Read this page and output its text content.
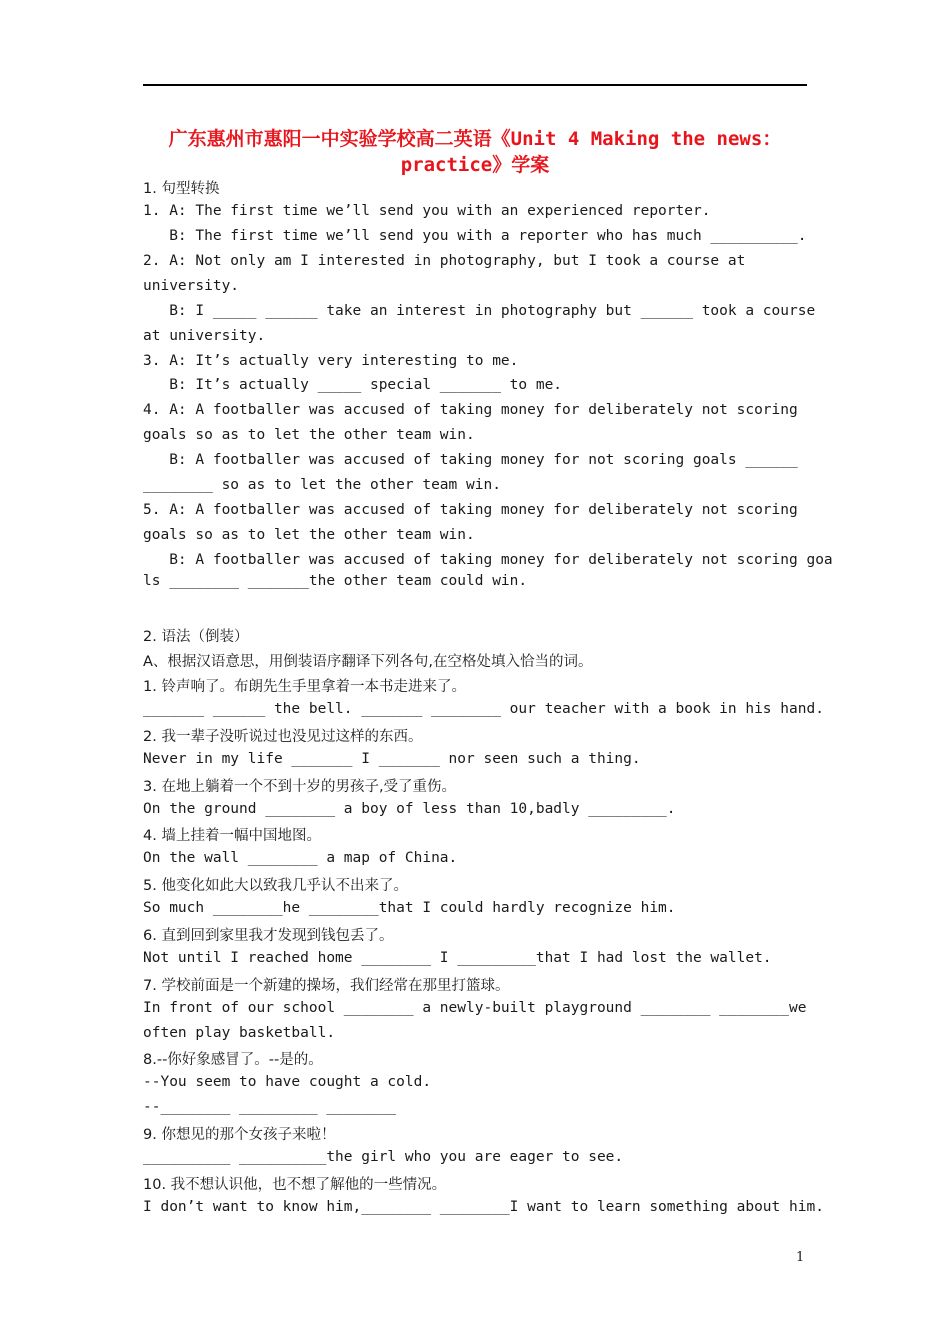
广东惠州市惠阳一中实验学校高二英语《Unit 4 Making the news：
practice》学案
1. 句型转换
1. A: The first time we’ll send you with an experienced reporter.
B: The first time we’ll send you with a reporter who has much __________.
2. A: Not only am I interested in photography, but I took a course at
university.
B: I _____ ______ take an interest in photography but ______ took a course
at university.
3. A: It’s actually very interesting to me.
B: It’s actually _____ special _______ to me.
4. A: A footballer was accused of taking money for deliberately not scoring
goals so as to let the other team win.
B: A footballer was accused of taking money for not scoring goals ______
________ so as to let the other team win.
5. A: A footballer was accused of taking money for deliberately not scoring
goals so as to let the other team win.
B: A footballer was accused of taking money for deliberately not scoring goa
ls ________ _______the other team could win.
2. 语法（倒装）
A、根据汉语意思，用倒装语序翻译下列各句,在空格处填入恰当的词。
1. 铃声响了。布朗先生手里拿着一本书走进来了。
_______ ______ the bell. _______ ________ our teacher with a book in his hand.
2. 我一辈子没听说过也没见过这样的东西。
Never in my life _______ I _______ nor seen such a thing.
3. 在地上躺着一个不到十岁的男孩子,受了重伤。
On the ground ________ a boy of less than 10,badly _________.
4. 墙上挂着一幅中国地图。
On the wall ________ a map of China.
5. 他变化如此大以致我几乎认不出来了。
So much ________he ________that I could hardly recognize him.
6. 直到回到家里我才发现到钱包丢了。
Not until I reached home ________ I _________that I had lost the wallet.
7. 学校前面是一个新建的操场，我们经常在那里打篮球。
In front of our school ________ a newly-built playground ________ ________we
often play basketball.
8.--你好象感冒了。--是的。
--You seem to have cought a cold.
--________ _________ ________
9. 你想见的那个女孩子来啦！
__________ __________the girl who you are eager to see.
10. 我不想认识他，也不想了解他的一些情况。
I don’t want to know him,________ ________I want to learn something about him.
1
